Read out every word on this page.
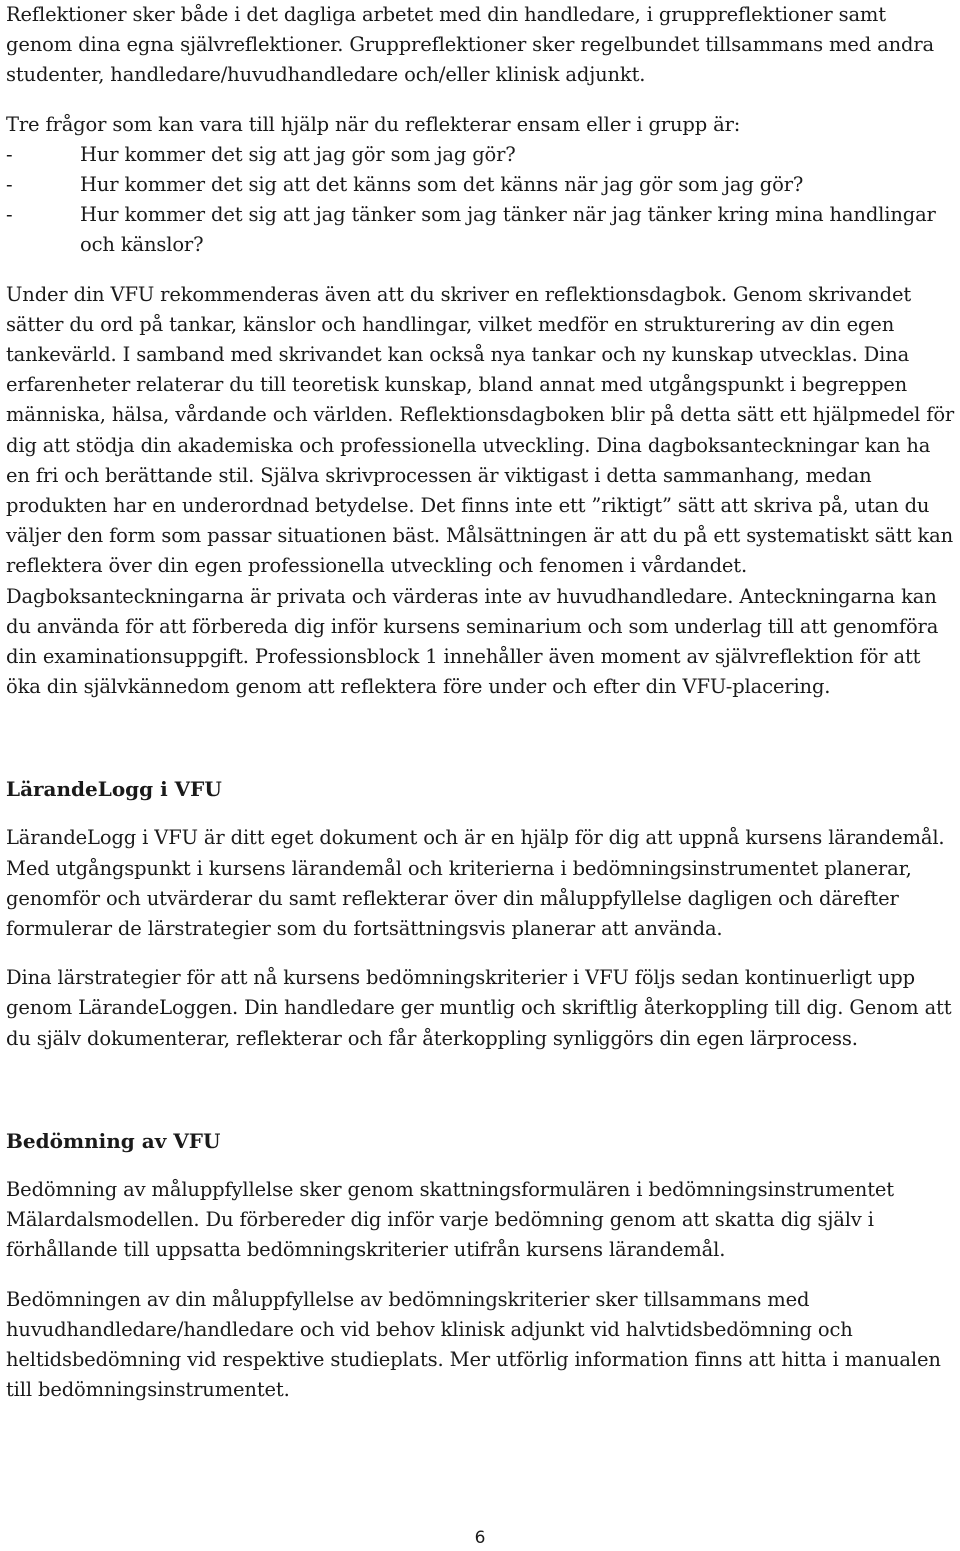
Reflektioner sker både i det dagliga arbetet med din handledare, i gruppreflektioner samt genom dina egna självreflektioner. Gruppreflektioner sker regelbundet tillsammans med andra studenter, handledare/huvudhandledare och/eller klinisk adjunkt.

Tre frågor som kan vara till hjälp när du reflekterar ensam eller i grupp är:

-	Hur kommer det sig att jag gör som jag gör?
-	Hur kommer det sig att det känns som det känns när jag gör som jag gör?
-	Hur kommer det sig att jag tänker som jag tänker när jag tänker kring mina handlingar och känslor?

Under din VFU rekommenderas även att du skriver en reflektionsdagbok. Genom skrivandet sätter du ord på tankar, känslor och handlingar, vilket medför en strukturering av din egen tankevärld. I samband med skrivandet kan också nya tankar och ny kunskap utvecklas. Dina erfarenheter relaterar du till teoretisk kunskap, bland annat med utgångspunkt i begreppen människa, hälsa, vårdande och världen. Reflektionsdagboken blir på detta sätt ett hjälpmedel för dig att stödja din akademiska och professionella utveckling. Dina dagboksanteckningar kan ha en fri och berättande stil. Själva skrivprocessen är viktigast i detta sammanhang, medan produkten har en underordnad betydelse. Det finns inte ett ”riktigt” sätt att skriva på, utan du väljer den form som passar situationen bäst. Målsättningen är att du på ett systematiskt sätt kan reflektera över din egen professionella utveckling och fenomen i vårdandet. Dagboksanteckningarna är privata och värderas inte av huvudhandledare. Anteckningarna kan du använda för att förbereda dig inför kursens seminarium och som underlag till att genomföra din examinationsuppgift. Professionsblock 1 innehåller även moment av självreflektion för att öka din självkännedom genom att reflektera före under och efter din VFU-placering.

LärandeLogg i VFU

LärandeLogg i VFU är ditt eget dokument och är en hjälp för dig att uppnå kursens lärandemål. Med utgångspunkt i kursens lärandemål och kriterierna i bedömningsinstrumentet planerar, genomför och utvärderar du samt reflekterar över din måluppfyllelse dagligen och därefter formulerar de lärstrategier som du fortsättningsvis planerar att använda.

Dina lärstrategier för att nå kursens bedömningskriterier i VFU följs sedan kontinuerligt upp genom LärandeLoggen. Din handledare ger muntlig och skriftlig återkoppling till dig. Genom att du själv dokumenterar, reflekterar och får återkoppling synliggörs din egen lärprocess.

Bedömning av VFU

Bedömning av måluppfyllelse sker genom skattningsformulären i bedömningsinstrumentet Mälardalsmodellen. Du förbereder dig inför varje bedömning genom att skatta dig själv i förhållande till uppsatta bedömningskriterier utifrån kursens lärandemål.

Bedömningen av din måluppfyllelse av bedömningskriterier sker tillsammans med huvudhandledare/handledare och vid behov klinisk adjunkt vid halvtidsbedömning och heltidsbedömning vid respektive studieplats. Mer utförlig information finns att hitta i manualen till bedömningsinstrumentet.

6
